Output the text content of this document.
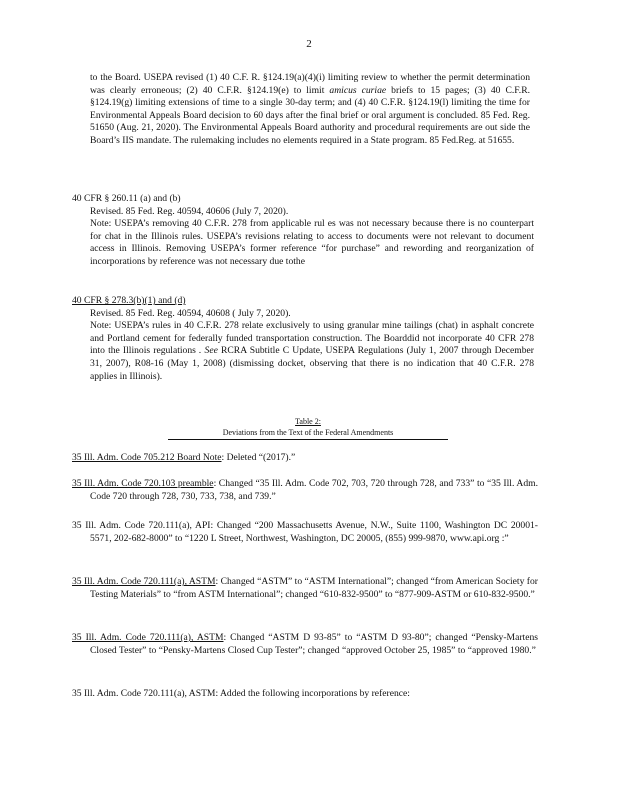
2

to the Board. USEPA revised (1) 40 C.F. R. §124.19(a)(4)(i) limiting review to whether the permit determination was clearly erroneous; (2) 40 C.F.R. §124.19(e) to limit amicus curiae briefs to 15 pages; (3) 40 C.F.R. §124.19(g) limiting extensions of time to a single 30-day term; and (4) 40 C.F.R. §124.19(l) limiting the time for Environmental Appeals Board decision to 60 days after the final brief or oral argument is concluded. 85 Fed. Reg. 51650 (Aug. 21, 2020). The Environmental Appeals Board authority and procedural requirements are out side the Board’s IIS mandate. The rulemaking includes no elements required in a State program. 85 Fed.Reg. at 51655.

40 CFR § 260.11 (a) and (b)

Revised. 85 Fed. Reg. 40594, 40606 (July 7, 2020).

Note: USEPA’s removing 40 C.F.R. 278 from applicable rul es was not necessary because there is no counterpart for chat in the Illinois rules. USEPA’s revisions relating to access to documents were not relevant to document access in Illinois. Removing USEPA’s former reference “for purchase” and rewording and reorganization of incorporations by reference was not necessary due tothe

40 CFR § 278.3(b)(1) and (d)

Revised. 85 Fed. Reg. 40594, 40608 ( July 7, 2020).

Note: USEPA’s rules in 40 C.F.R. 278 relate exclusively to using granular mine tailings (chat) in asphalt concrete and Portland cement for federally funded transportation construction. The Boarddid not incorporate 40 CFR 278 into the Illinois regulations . See RCRA Subtitle C Update, USEPA Regulations (July 1, 2007 through December 31, 2007), R08-16 (May 1, 2008) (dismissing docket, observing that there is no indication that 40 C.F.R. 278 applies in Illinois).

Table 2:
Deviations from the Text of the Federal Amendments

35 Ill. Adm. Code 705.212 Board Note: Deleted “(2017).”

35 Ill. Adm. Code 720.103 preamble: Changed “35 Ill. Adm. Code 702, 703, 720 through 728, and 733” to “35 Ill. Adm. Code 720 through 728, 730, 733, 738, and 739.”

35 Ill. Adm. Code 720.111(a), API: Changed “200 Massachusetts Avenue, N.W., Suite 1100, Washington DC 20001-5571, 202-682-8000” to “1220 L Street, Northwest, Washington, DC 20005, (855) 999-9870, www.api.org :”

35 Ill. Adm. Code 720.111(a), ASTM: Changed “ASTM” to “ASTM International”; changed “from American Society for Testing Materials” to “from ASTM International”; changed “610-832-9500” to “877-909-ASTM or 610-832-9500.”

35 Ill. Adm. Code 720.111(a), ASTM: Changed “ASTM D 93-85” to “ASTM D 93-80”; changed “Pensky-Martens Closed Tester” to “Pensky-Martens Closed Cup Tester”; changed “approved October 25, 1985” to “approved 1980.”

35 Ill. Adm. Code 720.111(a), ASTM: Added the following incorporations by reference:
